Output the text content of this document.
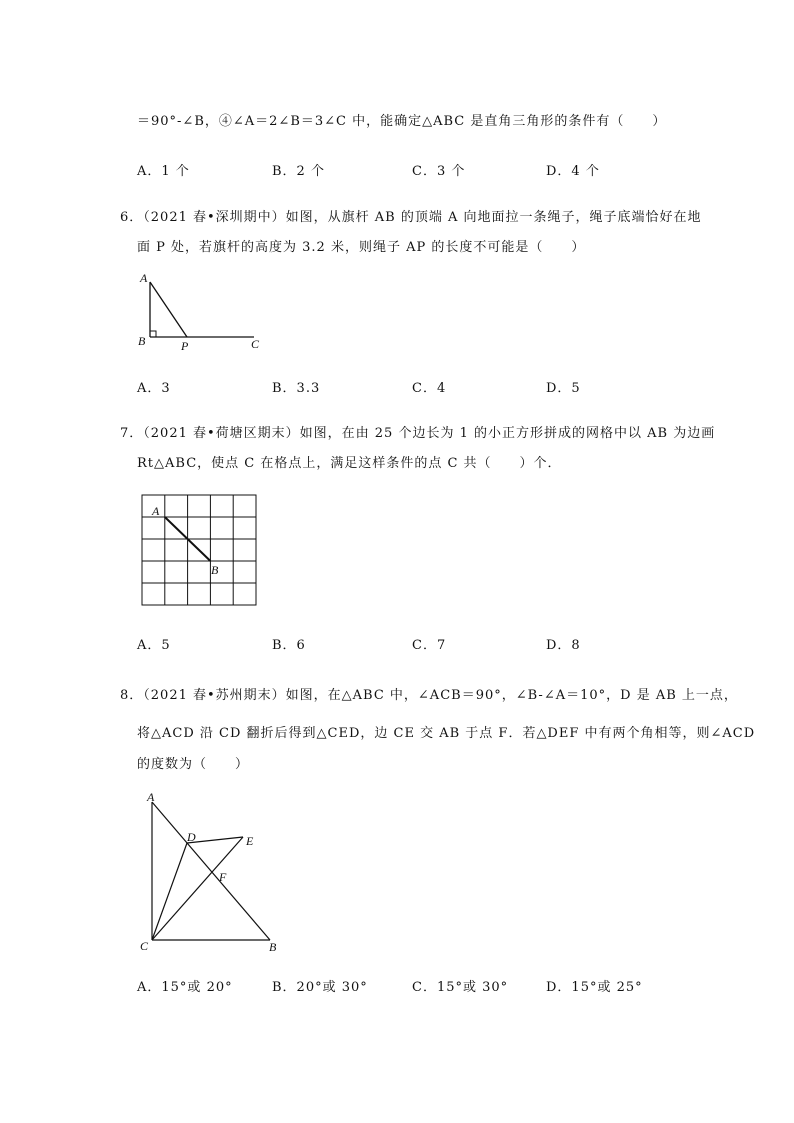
＝90°-∠B，④∠A＝2∠B＝3∠C 中，能确定△ABC 是直角三角形的条件有（　　）
A．1 个	B．2 个	C．3 个	D．4 个
6．（2021 春•深圳期中）如图，从旗杆 AB 的顶端 A 向地面拉一条绳子，绳子底端恰好在地
面 P 处，若旗杆的高度为 3.2 米，则绳子 AP 的长度不可能是（　　）
A
B	P	C
A．3	B．3.3	C．4	D．5
7．（2021 春•荷塘区期末）如图，在由 25 个边长为 1 的小正方形拼成的网格中以 AB 为边画
Rt△ABC，使点 C 在格点上，满足这样条件的点 C 共（　　）个．
A
B
A．5	B．6	C．7	D．8
8．（2021 春•苏州期末）如图，在△ABC 中，∠ACB＝90°，∠B-∠A＝10°，D 是 AB 上一点，
将△ACD 沿 CD 翻折后得到△CED，边 CE 交 AB 于点 F．若△DEF 中有两个角相等，则∠ACD
的度数为（　　）
A
D	E
F
C	B
A．15°或 20°	B．20°或 30°	C．15°或 30°	D．15°或 25°
